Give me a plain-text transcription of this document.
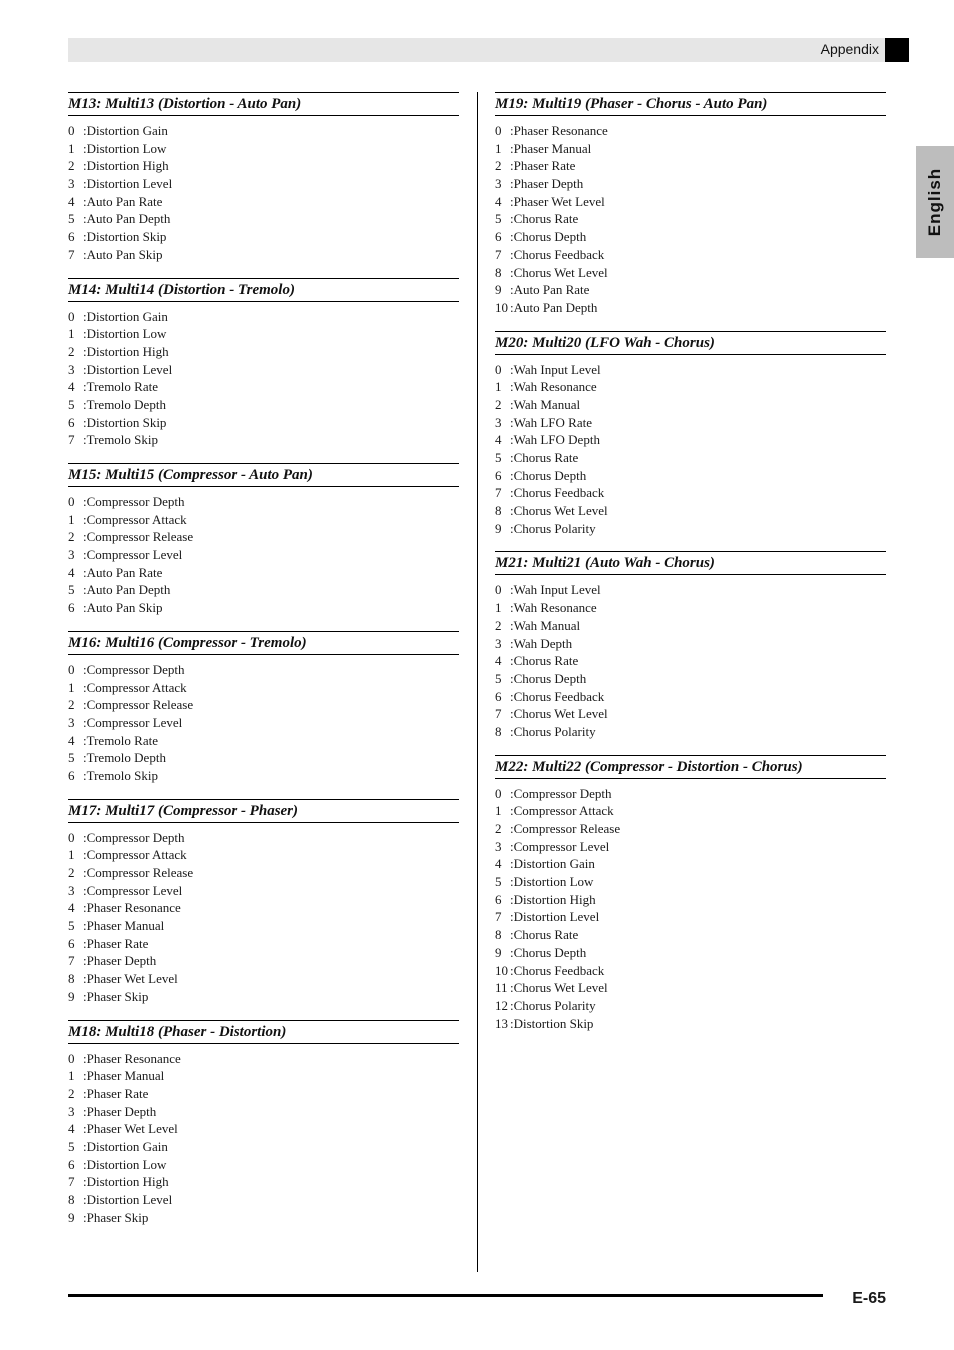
Appendix
English
M13: Multi13 (Distortion - Auto Pan)
0 :Distortion Gain
1 :Distortion Low
2 :Distortion High
3 :Distortion Level
4 :Auto Pan Rate
5 :Auto Pan Depth
6 :Distortion Skip
7 :Auto Pan Skip
M14: Multi14 (Distortion - Tremolo)
0 :Distortion Gain
1 :Distortion Low
2 :Distortion High
3 :Distortion Level
4 :Tremolo Rate
5 :Tremolo Depth
6 :Distortion Skip
7 :Tremolo Skip
M15: Multi15 (Compressor - Auto Pan)
0 :Compressor Depth
1 :Compressor Attack
2 :Compressor Release
3 :Compressor Level
4 :Auto Pan Rate
5 :Auto Pan Depth
6 :Auto Pan Skip
M16: Multi16 (Compressor - Tremolo)
0 :Compressor Depth
1 :Compressor Attack
2 :Compressor Release
3 :Compressor Level
4 :Tremolo Rate
5 :Tremolo Depth
6 :Tremolo Skip
M17: Multi17 (Compressor - Phaser)
0 :Compressor Depth
1 :Compressor Attack
2 :Compressor Release
3 :Compressor Level
4 :Phaser Resonance
5 :Phaser Manual
6 :Phaser Rate
7 :Phaser Depth
8 :Phaser Wet Level
9 :Phaser Skip
M18: Multi18 (Phaser - Distortion)
0 :Phaser Resonance
1 :Phaser Manual
2 :Phaser Rate
3 :Phaser Depth
4 :Phaser Wet Level
5 :Distortion Gain
6 :Distortion Low
7 :Distortion High
8 :Distortion Level
9 :Phaser Skip
M19: Multi19 (Phaser - Chorus - Auto Pan)
0 :Phaser Resonance
1 :Phaser Manual
2 :Phaser Rate
3 :Phaser Depth
4 :Phaser Wet Level
5 :Chorus Rate
6 :Chorus Depth
7 :Chorus Feedback
8 :Chorus Wet Level
9 :Auto Pan Rate
10 :Auto Pan Depth
M20: Multi20 (LFO Wah - Chorus)
0 :Wah Input Level
1 :Wah Resonance
2 :Wah Manual
3 :Wah LFO Rate
4 :Wah LFO Depth
5 :Chorus Rate
6 :Chorus Depth
7 :Chorus Feedback
8 :Chorus Wet Level
9 :Chorus Polarity
M21: Multi21 (Auto Wah - Chorus)
0 :Wah Input Level
1 :Wah Resonance
2 :Wah Manual
3 :Wah Depth
4 :Chorus Rate
5 :Chorus Depth
6 :Chorus Feedback
7 :Chorus Wet Level
8 :Chorus Polarity
M22: Multi22 (Compressor - Distortion - Chorus)
0 :Compressor Depth
1 :Compressor Attack
2 :Compressor Release
3 :Compressor Level
4 :Distortion Gain
5 :Distortion Low
6 :Distortion High
7 :Distortion Level
8 :Chorus Rate
9 :Chorus Depth
10 :Chorus Feedback
11 :Chorus Wet Level
12 :Chorus Polarity
13 :Distortion Skip
E-65
